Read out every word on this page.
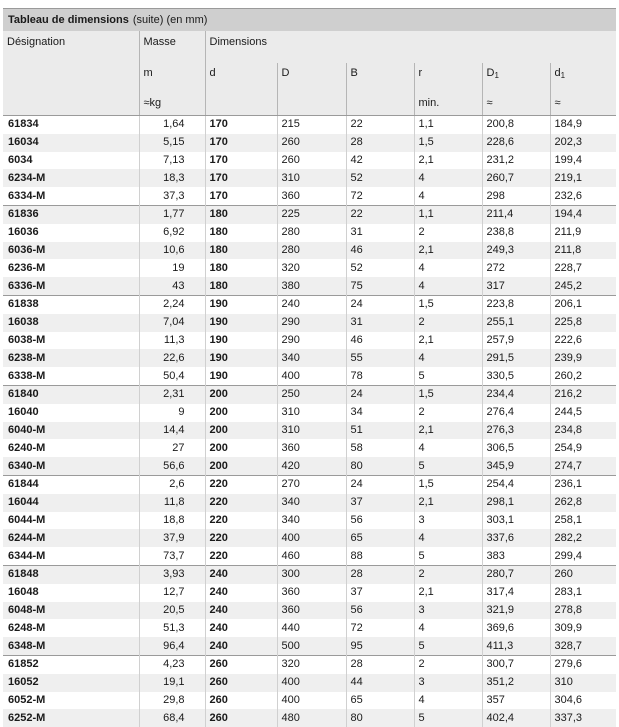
Tableau de dimensions (suite) (en mm)
Désignation	Masse	Dimensions					
	m	d	D	B	r	$D_1$	$d_1$
	≈kg				min.	≈	≈
61834	1,64	170	215	22	1,1	200,8	184,9
16034	5,15	170	260	28	1,5	228,6	202,3
6034	7,13	170	260	42	2,1	231,2	199,4
6234-M	18,3	170	310	52	4	260,7	219,1
6334-M	37,3	170	360	72	4	298	232,6
61836	1,77	180	225	22	1,1	211,4	194,4
16036	6,92	180	280	31	2	238,8	211,9
6036-M	10,6	180	280	46	2,1	249,3	211,8
6236-M	19	180	320	52	4	272	228,7
6336-M	43	180	380	75	4	317	245,2
61838	2,24	190	240	24	1,5	223,8	206,1
16038	7,04	190	290	31	2	255,1	225,8
6038-M	11,3	190	290	46	2,1	257,9	222,6
6238-M	22,6	190	340	55	4	291,5	239,9
6338-M	50,4	190	400	78	5	330,5	260,2
61840	2,31	200	250	24	1,5	234,4	216,2
16040	9	200	310	34	2	276,4	244,5
6040-M	14,4	200	310	51	2,1	276,3	234,8
6240-M	27	200	360	58	4	306,5	254,9
6340-M	56,6	200	420	80	5	345,9	274,7
61844	2,6	220	270	24	1,5	254,4	236,1
16044	11,8	220	340	37	2,1	298,1	262,8
6044-M	18,8	220	340	56	3	303,1	258,1
6244-M	37,9	220	400	65	4	337,6	282,2
6344-M	73,7	220	460	88	5	383	299,4
61848	3,93	240	300	28	2	280,7	260
16048	12,7	240	360	37	2,1	317,4	283,1
6048-M	20,5	240	360	56	3	321,9	278,8
6248-M	51,3	240	440	72	4	369,6	309,9
6348-M	96,4	240	500	95	5	411,3	328,7
61852	4,23	260	320	28	2	300,7	279,6
16052	19,1	260	400	44	3	351,2	310
6052-M	29,8	260	400	65	4	357	304,6
6252-M	68,4	260	480	80	5	402,4	337,3
